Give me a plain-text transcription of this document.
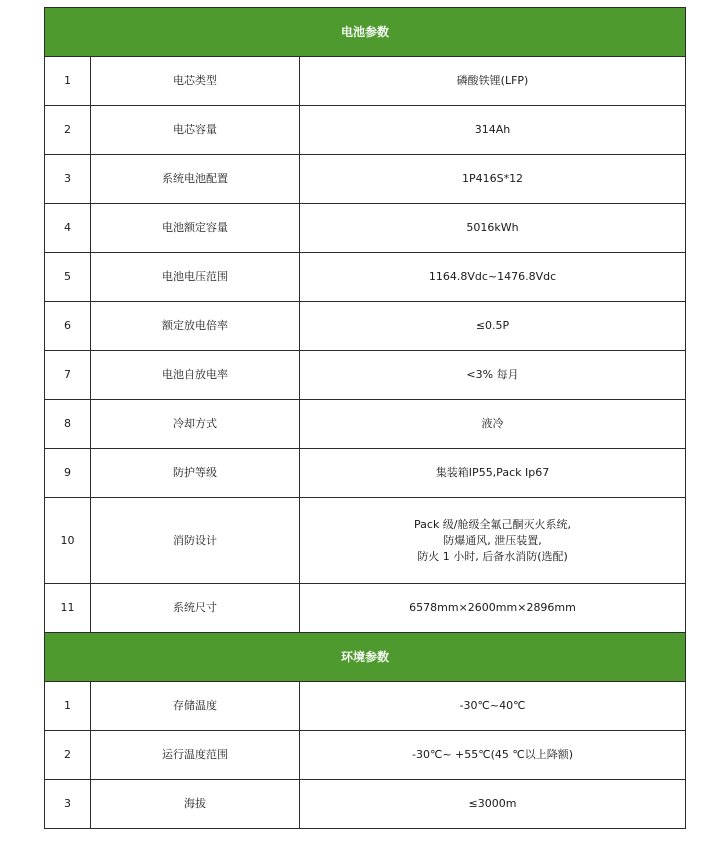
电池参数		
1	电芯类型	磷酸铁锂(LFP)
2	电芯容量	314Ah
3	系统电池配置	1P416S*12
4	电池额定容量	5016kWh
5	电池电压范围	1164.8Vdc~1476.8Vdc
6	额定放电倍率	≤0.5P
7	电池自放电率	<3% 每月
8	冷却方式	液冷
9	防护等级	集装箱IP55,Pack Ip67
10	消防设计	Pack 级/舱级全氟己酮灭火系统,
防爆通风, 泄压装置,
防火 1 小时, 后备水消防(选配)
11	系统尺寸	6578mm×2600mm×2896mm
环境参数		
1	存储温度	-30℃~40℃
2	运行温度范围	-30℃~ +55℃(45 ℃以上降额)
3	海拔	≤3000m
